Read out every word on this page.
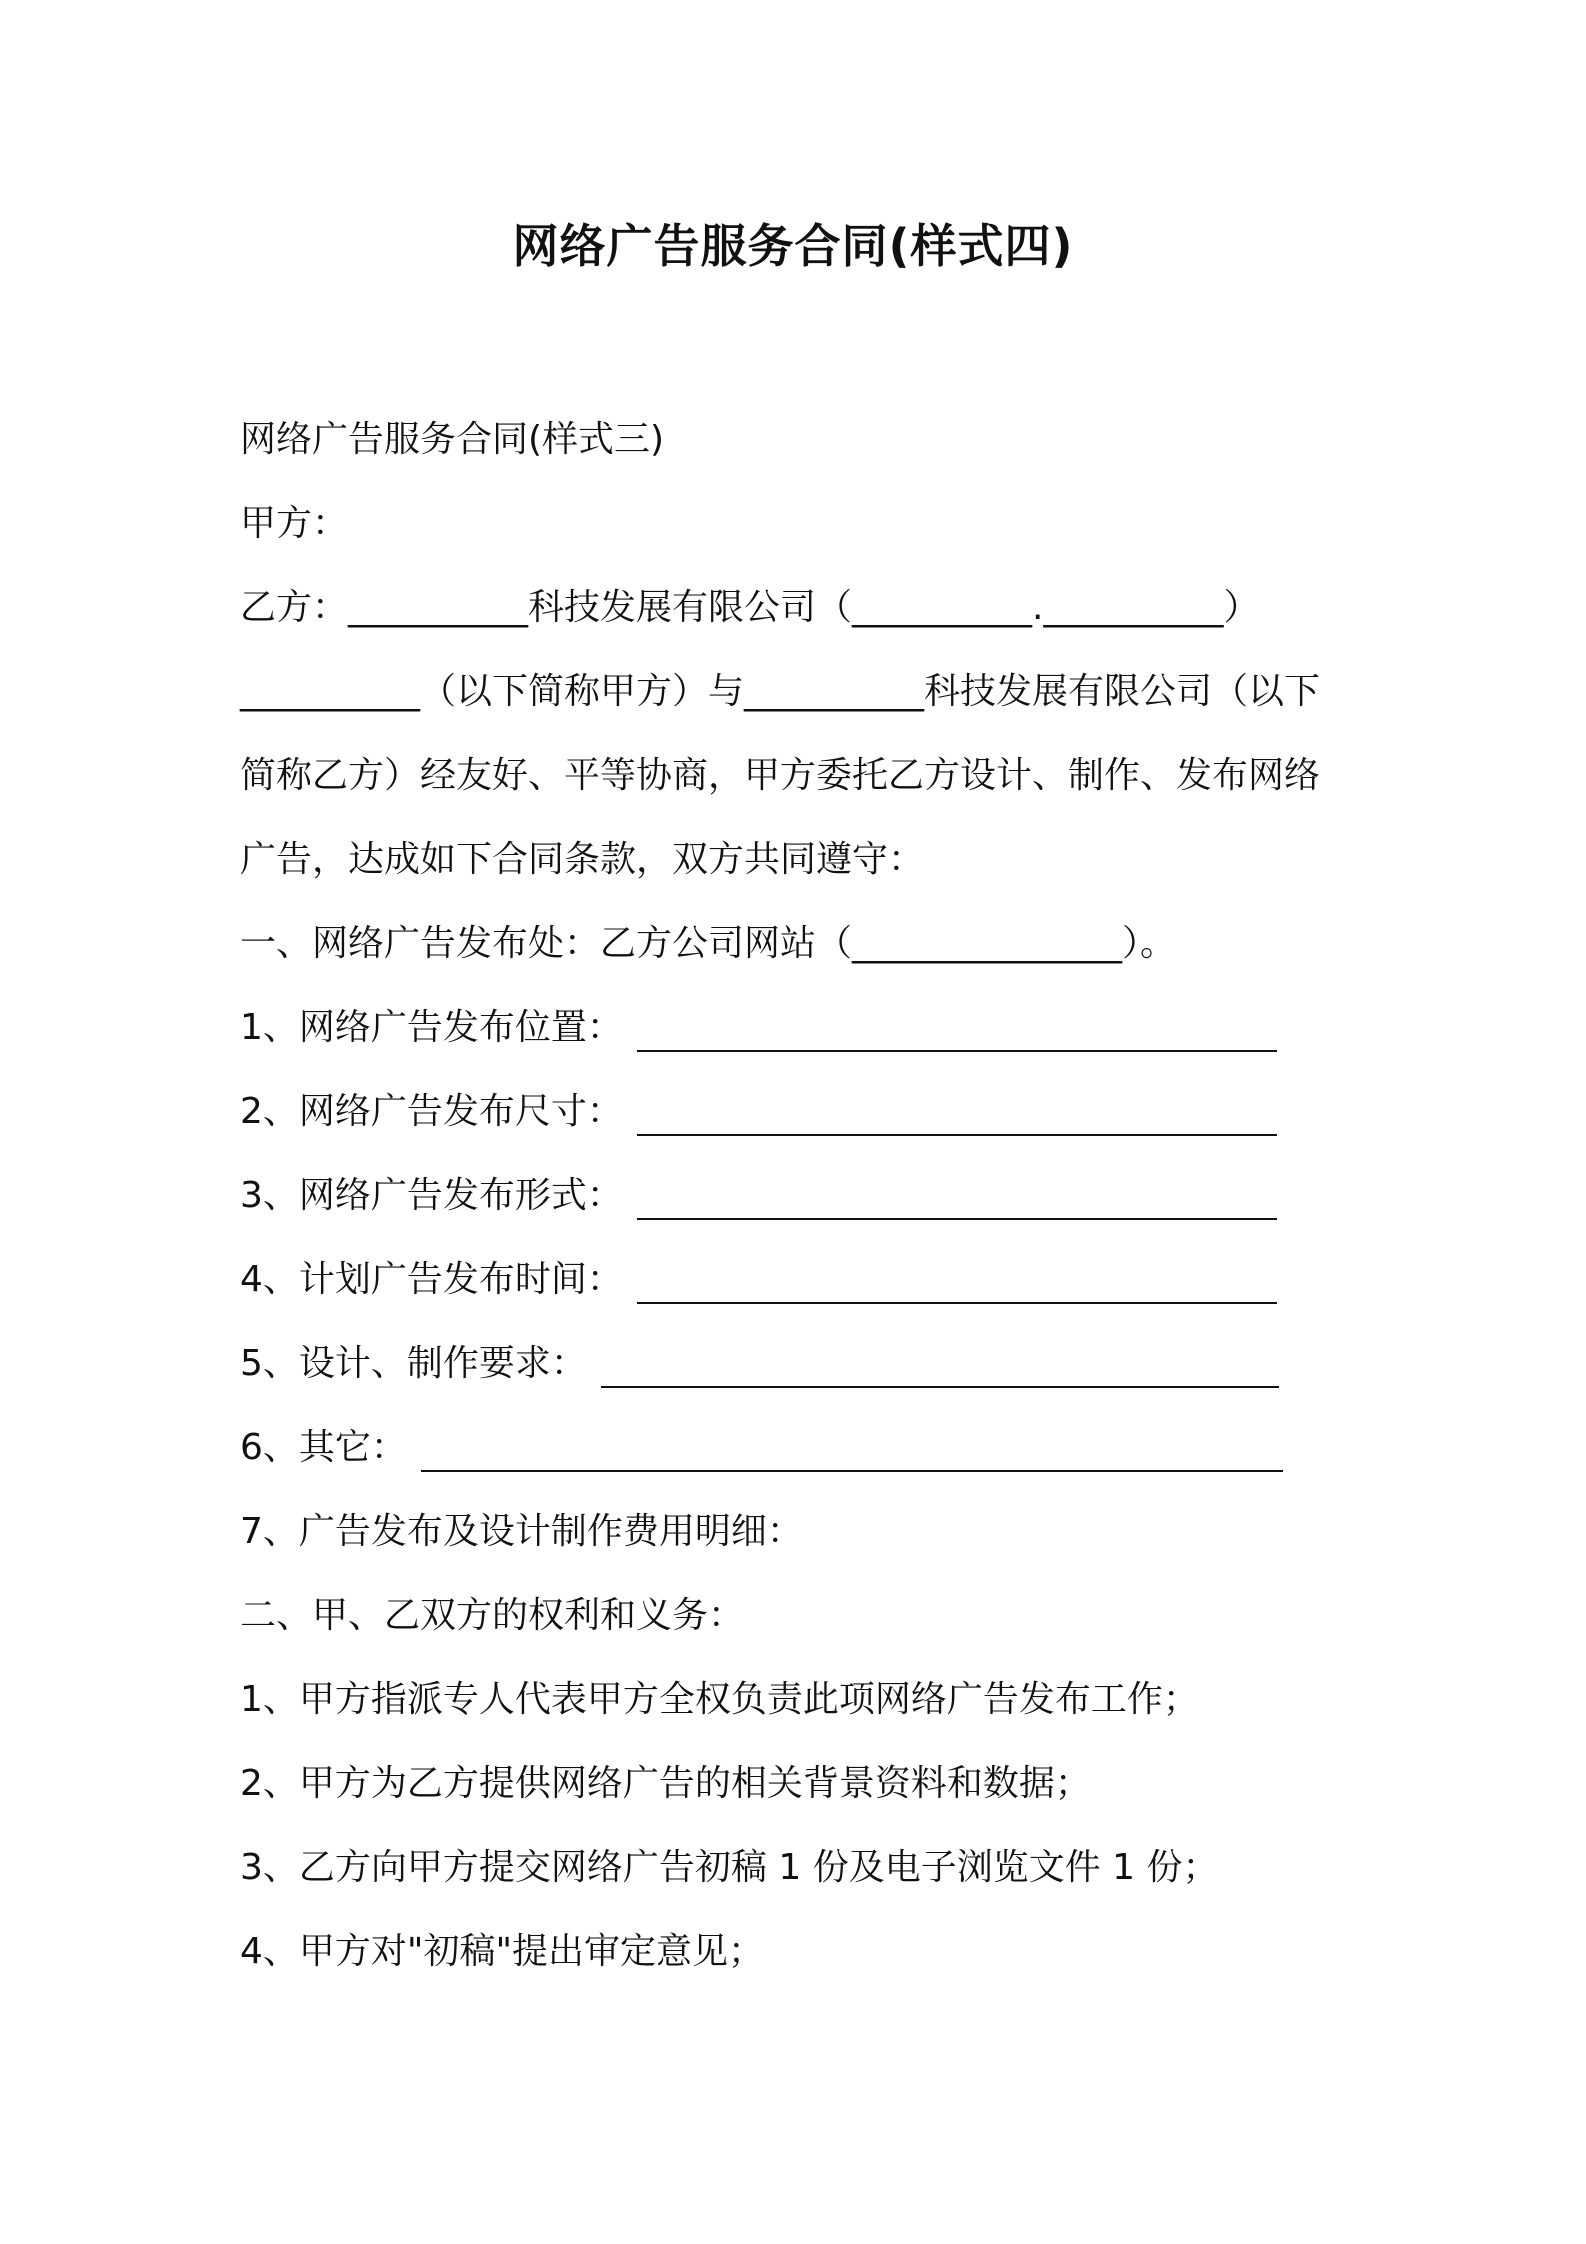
网络广告服务合同(样式四)
网络广告服务合同(样式三)
甲方：
乙方：__________科技发展有限公司（__________.__________）
__________（以下简称甲方）与__________科技发展有限公司（以下
简称乙方）经友好、平等协商，甲方委托乙方设计、制作、发布网络
广告，达成如下合同条款，双方共同遵守：
一、网络广告发布处：乙方公司网站（_______________）。
1、网络广告发布位置：
2、网络广告发布尺寸：
3、网络广告发布形式：
4、计划广告发布时间：
5、设计、制作要求：
6、其它：
7、广告发布及设计制作费用明细：
二、甲、乙双方的权利和义务：
1、甲方指派专人代表甲方全权负责此项网络广告发布工作；
2、甲方为乙方提供网络广告的相关背景资料和数据；
3、乙方向甲方提交网络广告初稿 1 份及电子浏览文件 1 份；
4、甲方对"初稿"提出审定意见；
